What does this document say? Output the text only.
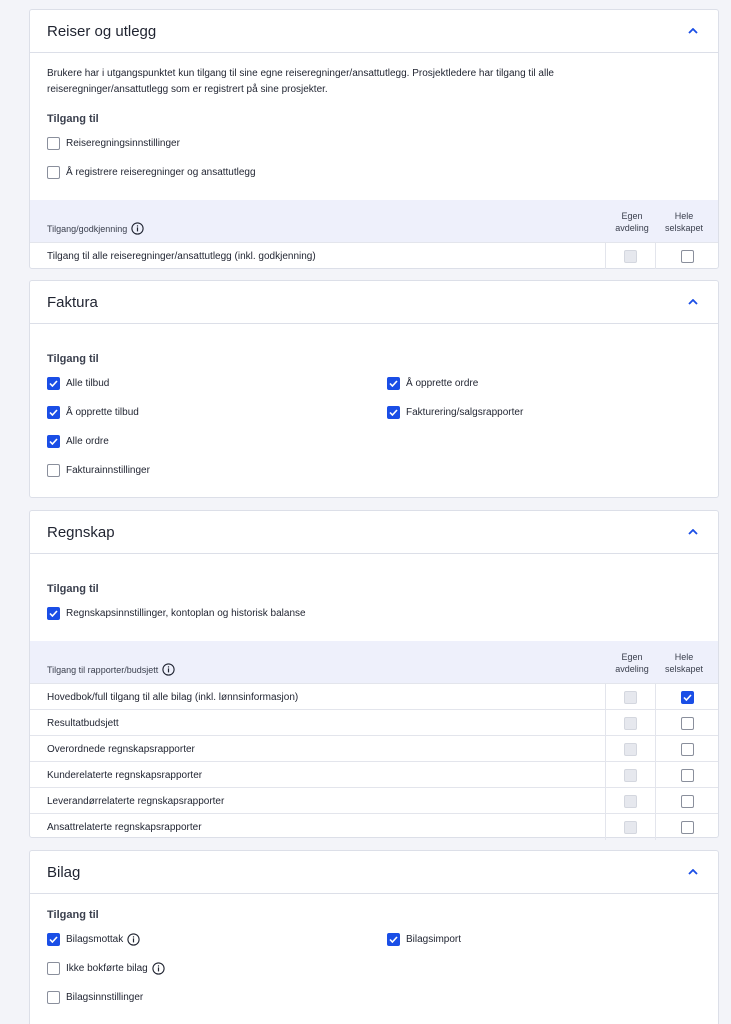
Reiser og utlegg
Brukere har i utgangspunktet kun tilgang til sine egne reiseregninger/ansattutlegg. Prosjektledere har tilgang til alle reiseregninger/ansattutlegg som er registrert på sine prosjekter.
Tilgang til
Reiseregningsinnstillinger
Å registrere reiseregninger og ansattutlegg
Tilgang/godkjenning
Egen avdeling
Hele selskapet
Tilgang til alle reiseregninger/ansattutlegg (inkl. godkjenning)
Faktura
Tilgang til
Alle tilbud
Å opprette tilbud
Alle ordre
Fakturainnstillinger
Å opprette ordre
Fakturering/salgsrapporter
Regnskap
Tilgang til
Regnskapsinnstillinger, kontoplan og historisk balanse
Tilgang til rapporter/budsjett
Egen avdeling
Hele selskapet
Hovedbok/full tilgang til alle bilag (inkl. lønnsinformasjon)
Resultatbudsjett
Overordnede regnskapsrapporter
Kunderelaterte regnskapsrapporter
Leverandørrelaterte regnskapsrapporter
Ansattrelaterte regnskapsrapporter
Bilag
Tilgang til
Bilagsmottak
Ikke bokførte bilag
Bilagsinnstillinger
Bilagsimport
